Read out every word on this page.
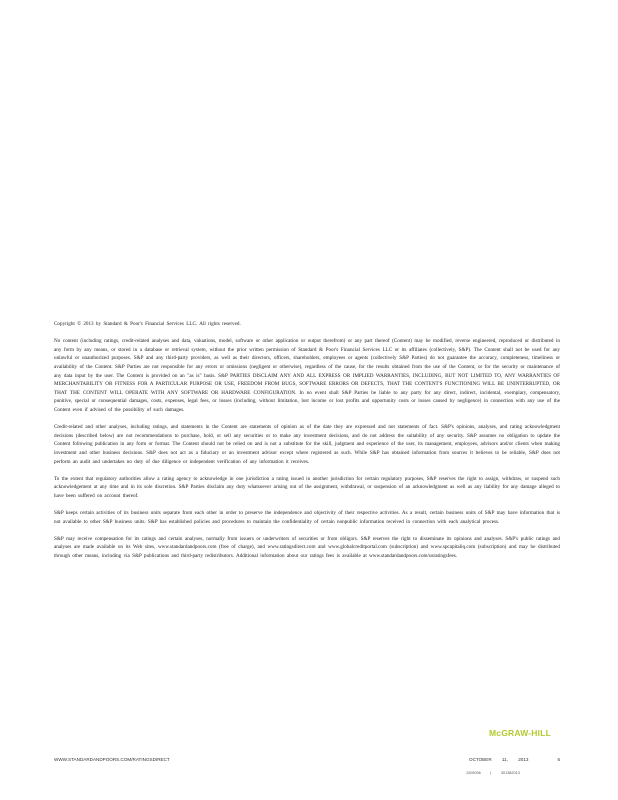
Copyright © 2013 by Standard & Poor's Financial Services LLC. All rights reserved.

No content (including ratings, credit-related analyses and data, valuations, model, software or other application or output therefrom) or any part thereof (Content) may be modified, reverse engineered, reproduced or distributed in any form by any means, or stored in a database or retrieval system, without the prior written permission of Standard & Poor's Financial Services LLC or its affiliates (collectively, S&P). The Content shall not be used for any unlawful or unauthorized purposes. S&P and any third-party providers, as well as their directors, officers, shareholders, employees or agents (collectively S&P Parties) do not guarantee the accuracy, completeness, timeliness or availability of the Content. S&P Parties are not responsible for any errors or omissions (negligent or otherwise), regardless of the cause, for the results obtained from the use of the Content, or for the security or maintenance of any data input by the user. The Content is provided on an "as is" basis. S&P PARTIES DISCLAIM ANY AND ALL EXPRESS OR IMPLIED WARRANTIES, INCLUDING, BUT NOT LIMITED TO, ANY WARRANTIES OF MERCHANTABILITY OR FITNESS FOR A PARTICULAR PURPOSE OR USE, FREEDOM FROM BUGS, SOFTWARE ERRORS OR DEFECTS, THAT THE CONTENT'S FUNCTIONING WILL BE UNINTERRUPTED, OR THAT THE CONTENT WILL OPERATE WITH ANY SOFTWARE OR HARDWARE CONFIGURATION. In no event shall S&P Parties be liable to any party for any direct, indirect, incidental, exemplary, compensatory, punitive, special or consequential damages, costs, expenses, legal fees, or losses (including, without limitation, lost income or lost profits and opportunity costs or losses caused by negligence) in connection with any use of the Content even if advised of the possibility of such damages.

Credit-related and other analyses, including ratings, and statements in the Content are statements of opinion as of the date they are expressed and not statements of fact. S&P's opinions, analyses, and rating acknowledgment decisions (described below) are not recommendations to purchase, hold, or sell any securities or to make any investment decisions, and do not address the suitability of any security. S&P assumes no obligation to update the Content following publication in any form or format. The Content should not be relied on and is not a substitute for the skill, judgment and experience of the user, its management, employees, advisors and/or clients when making investment and other business decisions. S&P does not act as a fiduciary or an investment advisor except where registered as such. While S&P has obtained information from sources it believes to be reliable, S&P does not perform an audit and undertakes no duty of due diligence or independent verification of any information it receives.

To the extent that regulatory authorities allow a rating agency to acknowledge in one jurisdiction a rating issued in another jurisdiction for certain regulatory purposes, S&P reserves the right to assign, withdraw, or suspend such acknowledgement at any time and in its sole discretion. S&P Parties disclaim any duty whatsoever arising out of the assignment, withdrawal, or suspension of an acknowledgment as well as any liability for any damage alleged to have been suffered on account thereof.

S&P keeps certain activities of its business units separate from each other in order to preserve the independence and objectivity of their respective activities. As a result, certain business units of S&P may have information that is not available to other S&P business units. S&P has established policies and procedures to maintain the confidentiality of certain nonpublic information received in connection with each analytical process.

S&P may receive compensation for its ratings and certain analyses, normally from issuers or underwriters of securities or from obligors. S&P reserves the right to disseminate its opinions and analyses. S&P's public ratings and analyses are made available on its Web sites, www.standardandpoors.com (free of charge), and www.ratingsdirect.com and www.globalcreditportal.com (subscription) and www.spcapitaliq.com (subscription) and may be distributed through other means, including via S&P publications and third-party redistributors. Additional information about our ratings fees is available at www.standardandpoors.com/usratingsfees.

McGRAW-HILL
WWW.STANDARDANDPOORS.COM/RATINGSDIRECT	OCTOBER 11, 2013	5
1205036 |	301382013
